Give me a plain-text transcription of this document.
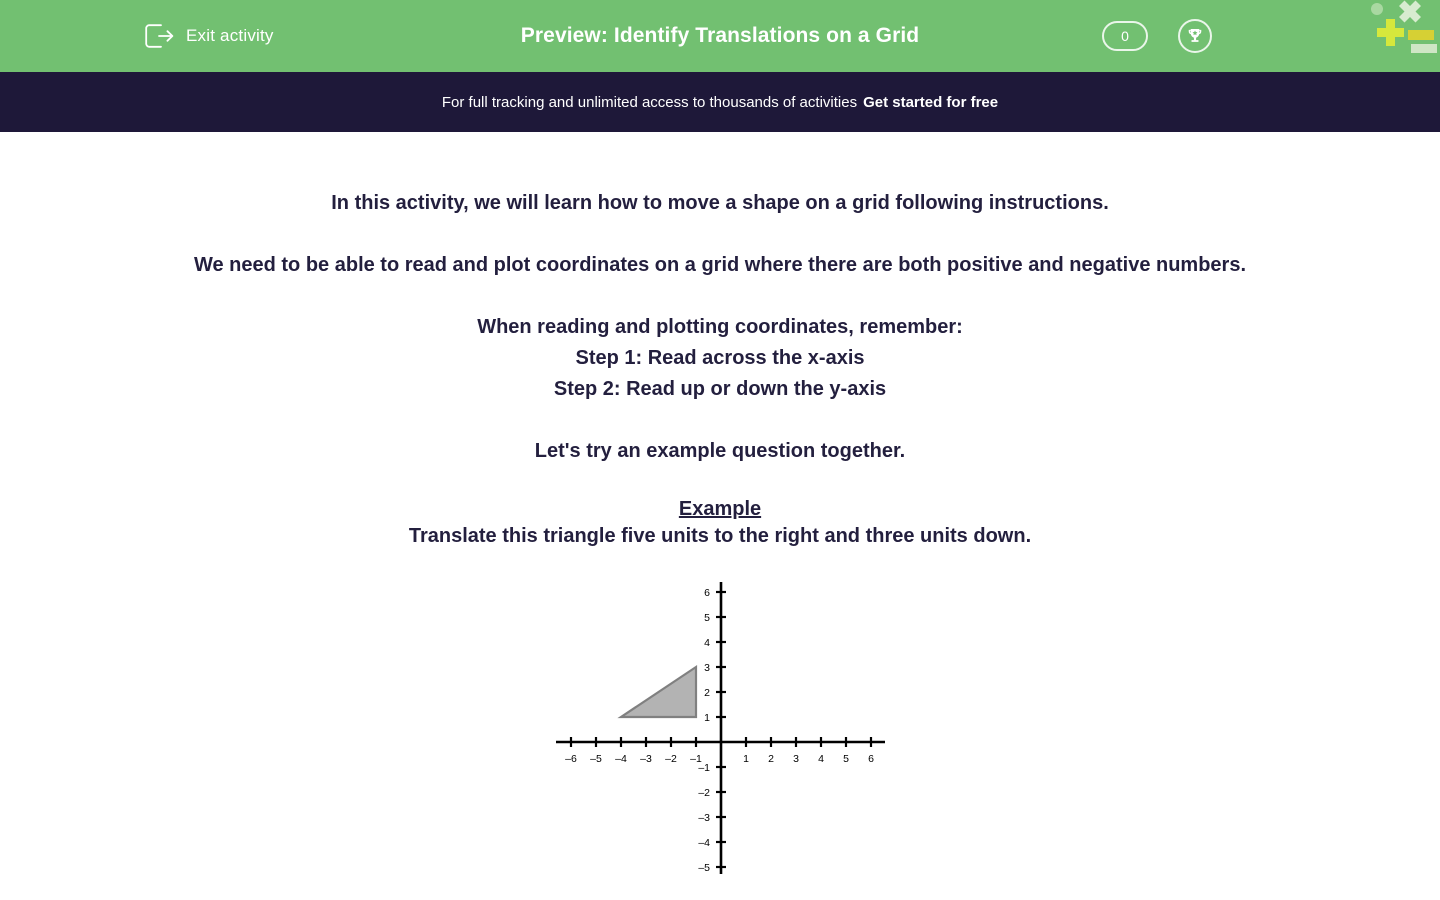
Exit activity	Preview: Identify Translations on a Grid	0
For full tracking and unlimited access to thousands of activities Get started for free

In this activity, we will learn how to move a shape on a grid following instructions.

We need to be able to read and plot coordinates on a grid where there are both positive and negative numbers.

When reading and plotting coordinates, remember:
Step 1: Read across the x-axis
Step 2: Read up or down the y-axis

Let's try an example question together.

Example

Translate this triangle five units to the right and three units down.

–6 –5 –4 –3 –2 –1	1 2 3 4 5 6
6
5
4
3
2
1
–1
–2
–3
–4
–5
